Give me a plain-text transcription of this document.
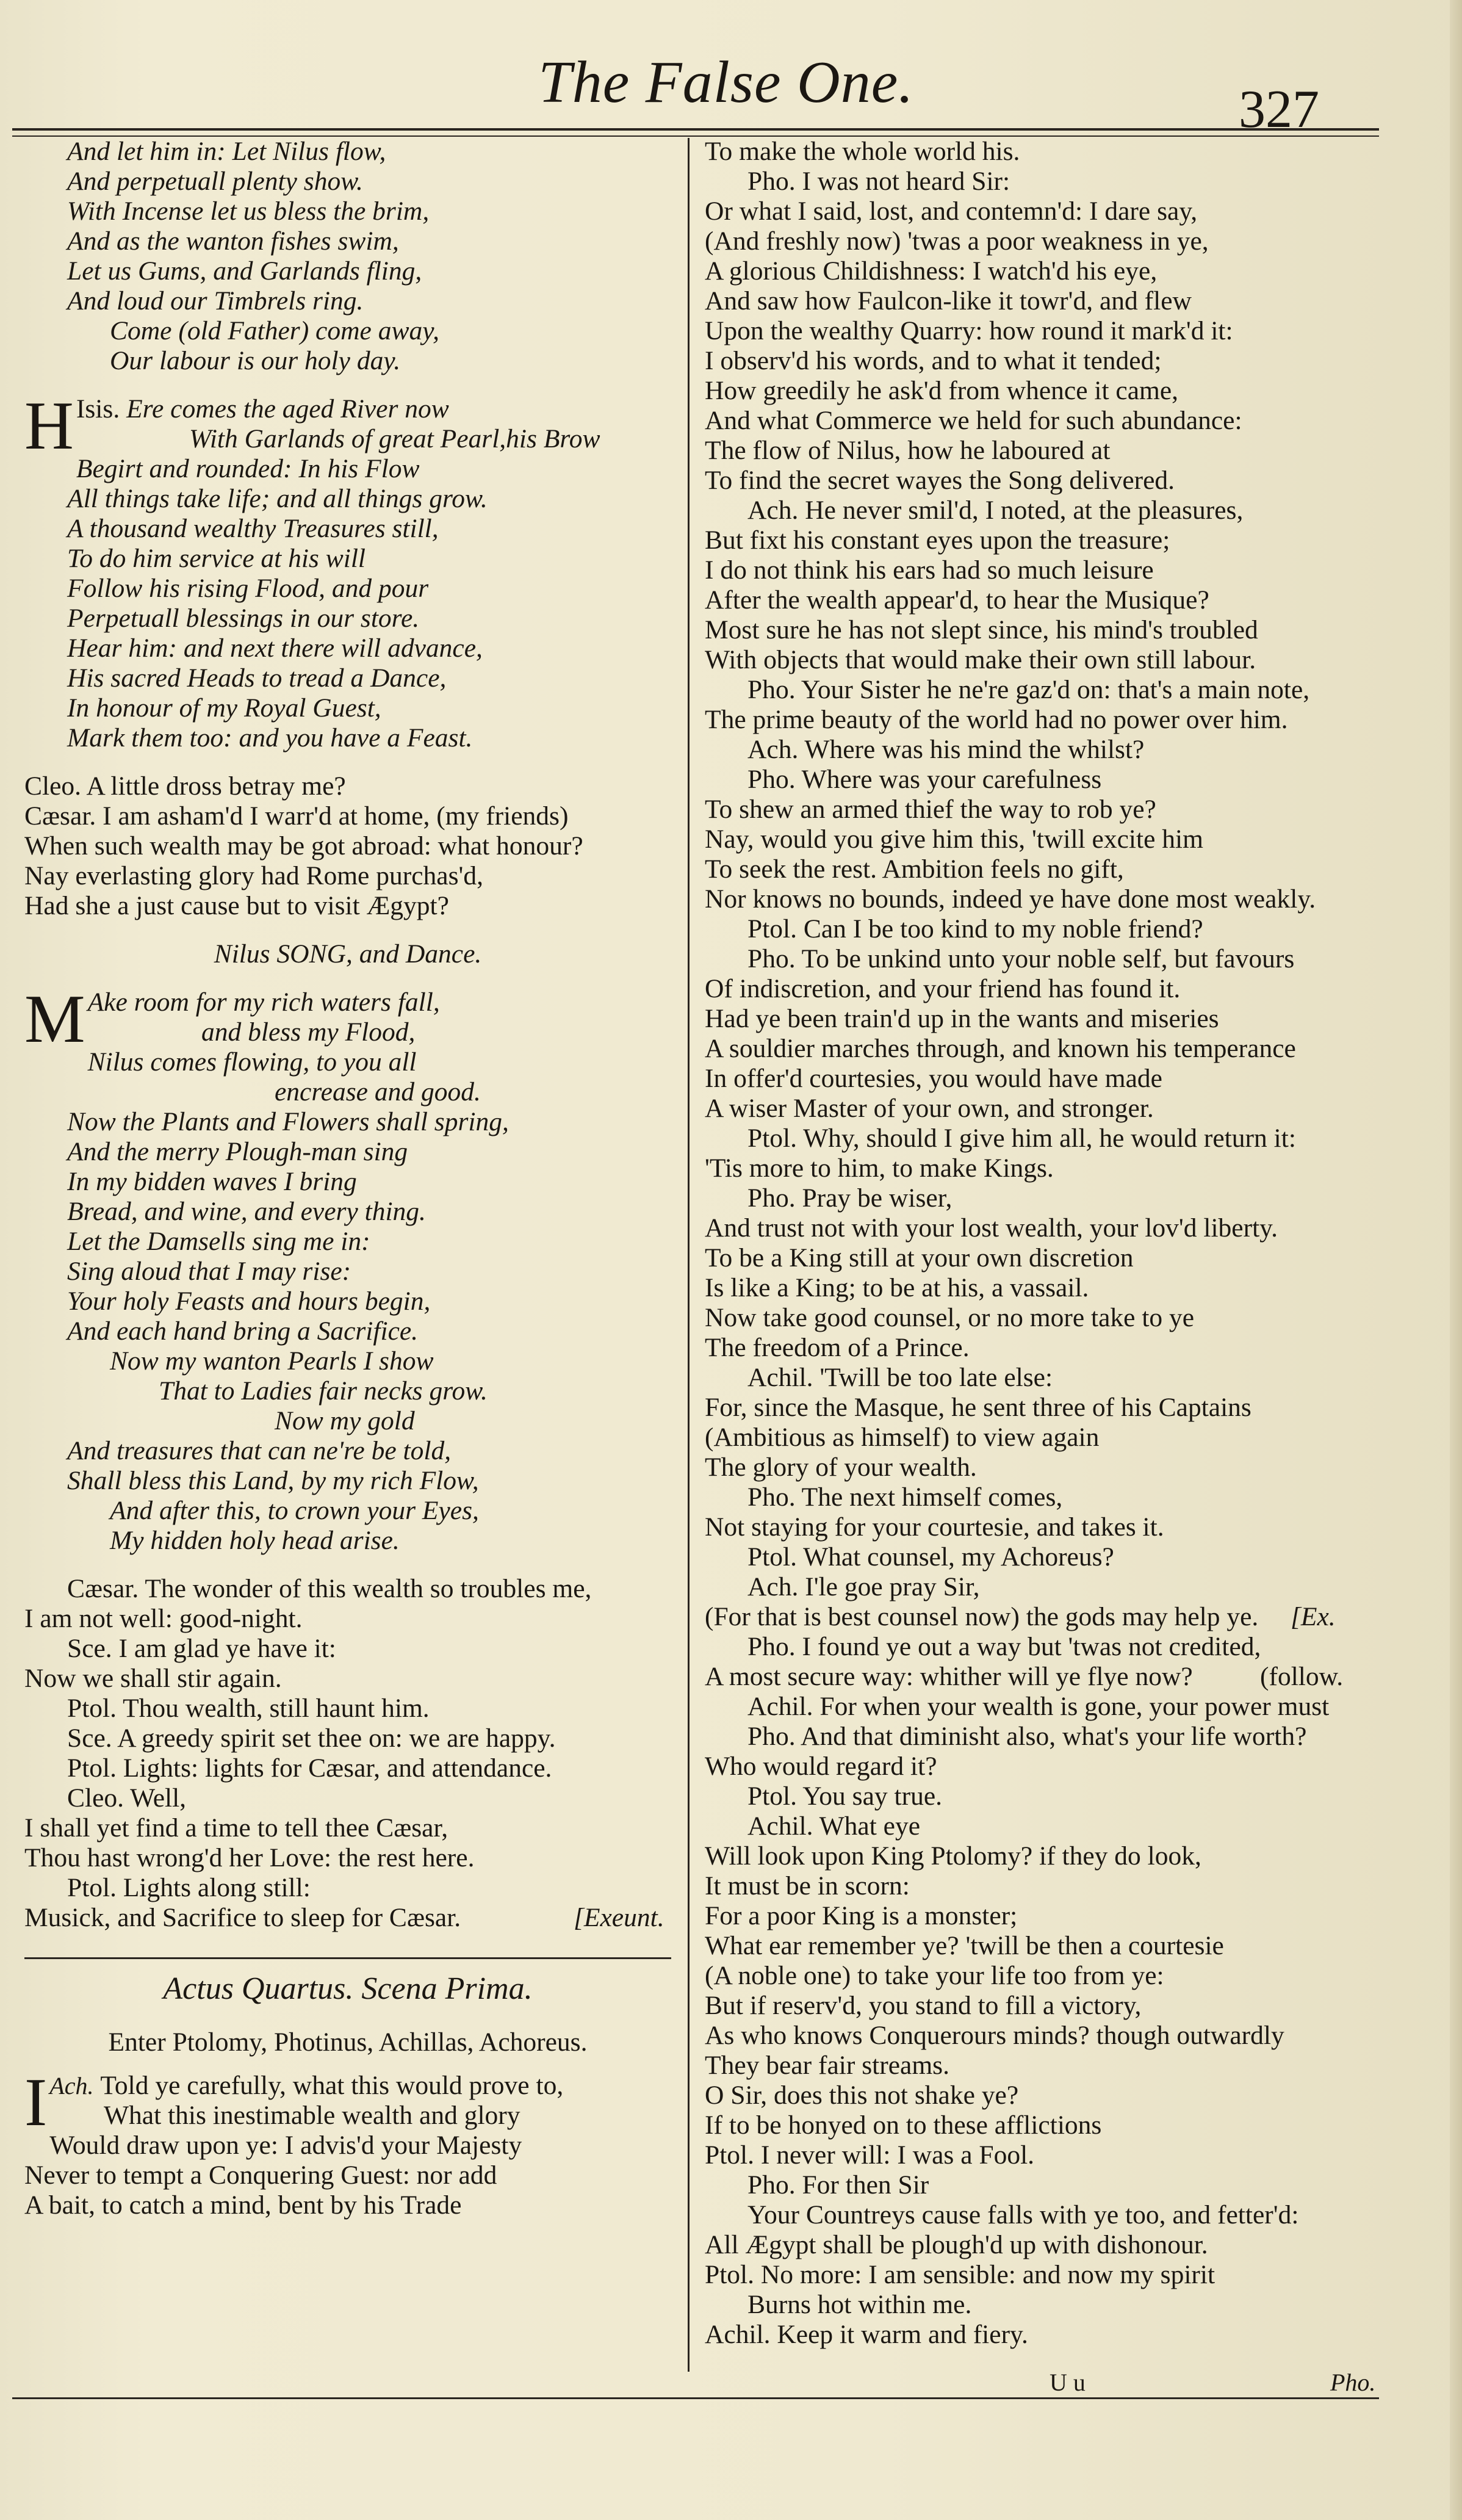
The False One.	327
And let him in: Let Nilus flow,
And perpetuall plenty show.
With Incense let us bless the brim,
And as the wanton fishes swim,
Let us Gums, and Garlands fling,
And loud our Timbrels ring.
Come (old Father) come away,
Our labour is our holy day.
Isis.
H Ere comes the aged River now
With Garlands of great Pearl,his Brow
Begirt and rounded: In his Flow
All things take life; and all things grow.
A thousand wealthy Treasures still,
To do him service at his will
Follow his rising Flood, and pour
Perpetuall blessings in our store.
Hear him: and next there will advance,
His sacred Heads to tread a Dance,
In honour of my Royal Guest,
Mark them too: and you have a Feast.
Cleo. A little dross betray me?
Cæsar. I am asham'd I warr'd at home, (my friends)
When such wealth may be got abroad: what honour?
Nay everlasting glory had Rome purchas'd,
Had she a just cause but to visit Ægypt?
Nilus SONG, and Dance.
M Ake room for my rich waters fall,
and bless my Flood,
Nilus comes flowing, to you all
encrease and good.
Now the Plants and Flowers shall spring,
And the merry Plough-man sing
In my bidden waves I bring
Bread, and wine, and every thing.
Let the Damsells sing me in:
Sing aloud that I may rise:
Your holy Feasts and hours begin,
And each hand bring a Sacrifice.
Now my wanton Pearls I show
That to Ladies fair necks grow.
Now my gold
And treasures that can ne're be told,
Shall bless this Land, by my rich Flow,
And after this, to crown your Eyes,
My hidden holy head arise.
Cæsar. The wonder of this wealth so troubles me,
I am not well: good-night.
Sce. I am glad ye have it:
Now we shall stir again.
Ptol. Thou wealth, still haunt him.
Sce. A greedy spirit set thee on: we are happy.
Ptol. Lights: lights for Cæsar, and attendance.
Cleo. Well,
I shall yet find a time to tell thee Cæsar,
Thou hast wrong'd her Love: the rest here.
Ptol. Lights along still:
Musick, and Sacrifice to sleep for Cæsar.	[Exeunt.
Actus Quartus. Scena Prima.
Enter Ptolomy, Photinus, Achillas, Achoreus.
Ach.
I Told ye carefully, what this would prove to,
What this inestimable wealth and glory
Would draw upon ye: I advis'd your Majesty
Never to tempt a Conquering Guest: nor add
A bait, to catch a mind, bent by his Trade
To make the whole world his.
Pho. I was not heard Sir:
Or what I said, lost, and contemn'd: I dare say,
(And freshly now) 'twas a poor weakness in ye,
A glorious Childishness: I watch'd his eye,
And saw how Faulcon-like it towr'd, and flew
Upon the wealthy Quarry: how round it mark'd it:
I observ'd his words, and to what it tended;
How greedily he ask'd from whence it came,
And what Commerce we held for such abundance:
The flow of Nilus, how he laboured at
To find the secret wayes the Song delivered.
Ach. He never smil'd, I noted, at the pleasures,
But fixt his constant eyes upon the treasure;
I do not think his ears had so much leisure
After the wealth appear'd, to hear the Musique?
Most sure he has not slept since, his mind's troubled
With objects that would make their own still labour.
Pho. Your Sister he ne're gaz'd on: that's a main note,
The prime beauty of the world had no power over him.
Ach. Where was his mind the whilst?
Pho. Where was your carefulness
To shew an armed thief the way to rob ye?
Nay, would you give him this, 'twill excite him
To seek the rest. Ambition feels no gift,
Nor knows no bounds, indeed ye have done most weakly.
Ptol. Can I be too kind to my noble friend?
Pho. To be unkind unto your noble self, but favours
Of indiscretion, and your friend has found it.
Had ye been train'd up in the wants and miseries
A souldier marches through, and known his temperance
In offer'd courtesies, you would have made
A wiser Master of your own, and stronger.
Ptol. Why, should I give him all, he would return it:
'Tis more to him, to make Kings.
Pho. Pray be wiser,
And trust not with your lost wealth, your lov'd liberty.
To be a King still at your own discretion
Is like a King; to be at his, a vassail.
Now take good counsel, or no more take to ye
The freedom of a Prince.
Achil. 'Twill be too late else:
For, since the Masque, he sent three of his Captains
(Ambitious as himself) to view again
The glory of your wealth.
Pho. The next himself comes,
Not staying for your courtesie, and takes it.
Ptol. What counsel, my Achoreus?
Ach. I'le goe pray Sir,
(For that is best counsel now) the gods may help ye. [Ex.
Pho. I found ye out a way but 'twas not credited,
A most secure way: whither will ye flye now?	(follow.
Achil. For when your wealth is gone, your power must
Pho. And that diminisht also, what's your life worth?
Who would regard it?
Ptol. You say true.
Achil. What eye
Will look upon King Ptolomy? if they do look,
It must be in scorn:
For a poor King is a monster;
What ear remember ye? 'twill be then a courtesie
(A noble one) to take your life too from ye:
But if reserv'd, you stand to fill a victory,
As who knows Conquerours minds? though outwardly
They bear fair streams.
O Sir, does this not shake ye?
If to be honyed on to these afflictions
Ptol. I never will: I was a Fool.
Pho. For then Sir
Your Countreys cause falls with ye too, and fetter'd:
All Ægypt shall be plough'd up with dishonour.
Ptol. No more: I am sensible: and now my spirit
Burns hot within me.
Achil. Keep it warm and fiery.
U u	Pho.
